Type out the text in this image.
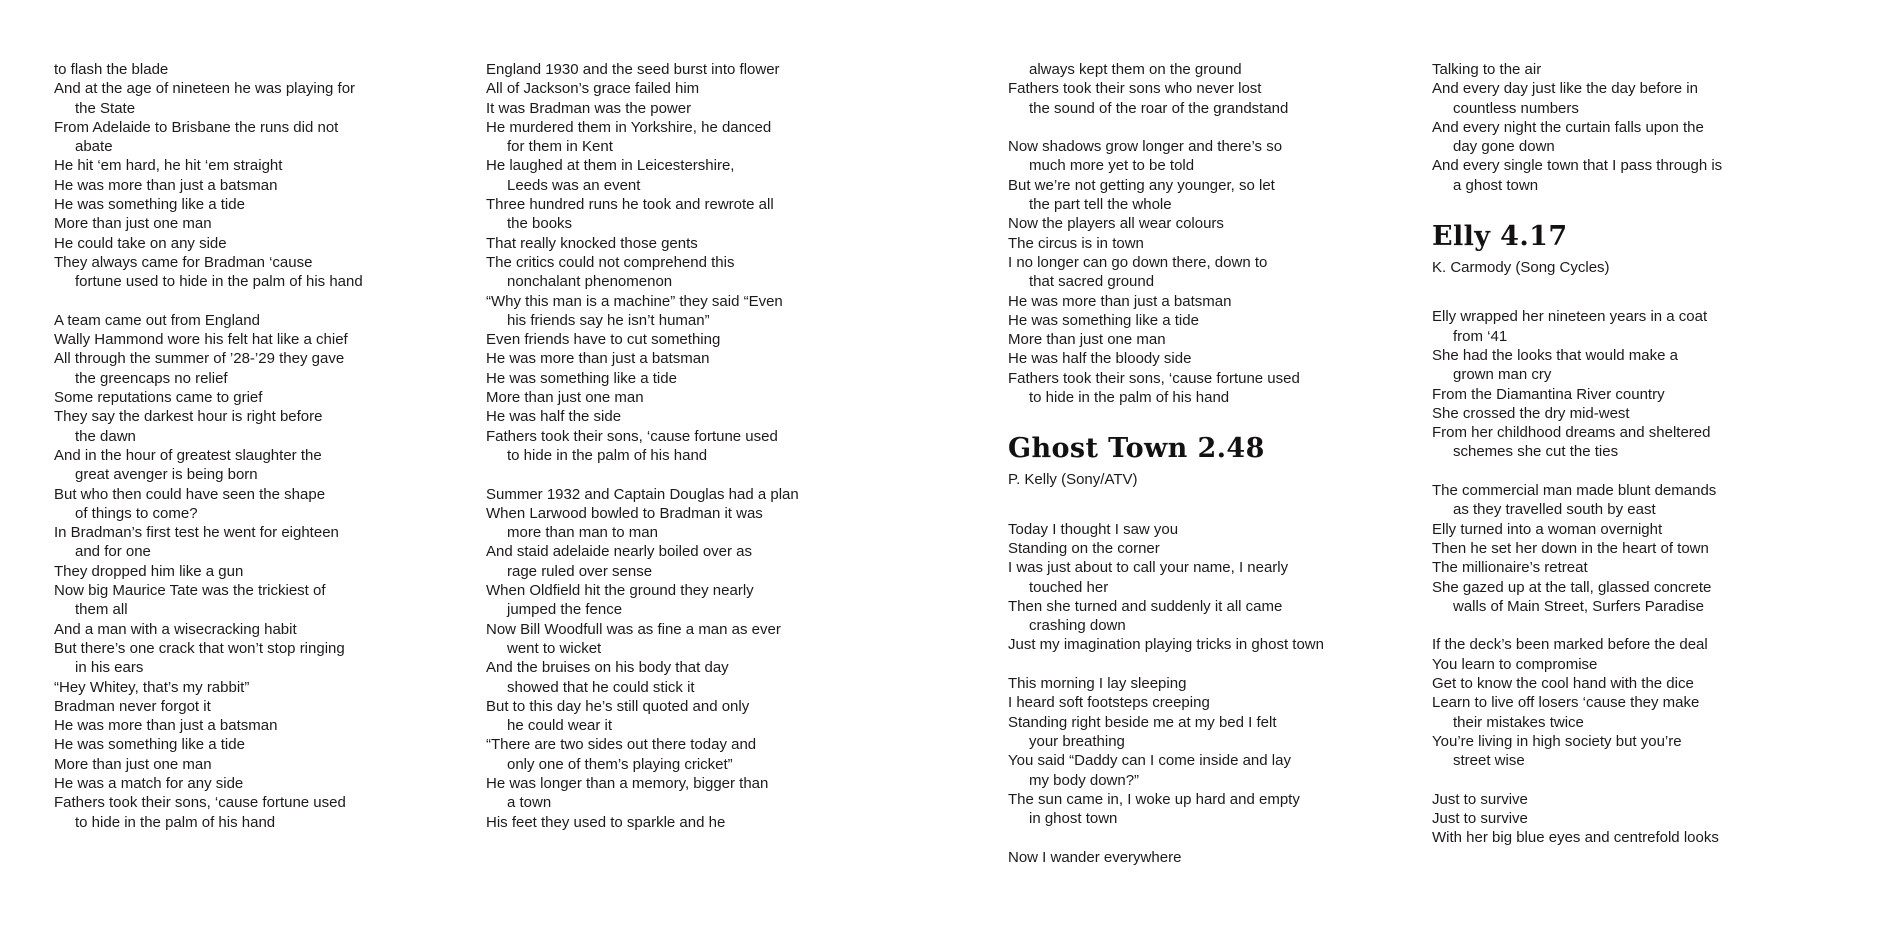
to flash the blade
And at the age of nineteen he was playing for
the State
From Adelaide to Brisbane the runs did not
abate
He hit ‘em hard, he hit ‘em straight
He was more than just a batsman
He was something like a tide
More than just one man
He could take on any side
They always came for Bradman ‘cause
fortune used to hide in the palm of his hand
A team came out from England
Wally Hammond wore his felt hat like a chief
All through the summer of ’28-’29 they gave
the greencaps no relief
Some reputations came to grief
They say the darkest hour is right before
the dawn
And in the hour of greatest slaughter the
great avenger is being born
But who then could have seen the shape
of things to come?
In Bradman’s first test he went for eighteen
and for one
They dropped him like a gun
Now big Maurice Tate was the trickiest of
them all
And a man with a wisecracking habit
But there’s one crack that won’t stop ringing
in his ears
“Hey Whitey, that’s my rabbit”
Bradman never forgot it
He was more than just a batsman
He was something like a tide
More than just one man
He was a match for any side
Fathers took their sons, ‘cause fortune used
to hide in the palm of his hand
England 1930 and the seed burst into flower
All of Jackson’s grace failed him
It was Bradman was the power
He murdered them in Yorkshire, he danced
for them in Kent
He laughed at them in Leicestershire,
Leeds was an event
Three hundred runs he took and rewrote all
the books
That really knocked those gents
The critics could not comprehend this
nonchalant phenomenon
“Why this man is a machine” they said “Even
his friends say he isn’t human”
Even friends have to cut something
He was more than just a batsman
He was something like a tide
More than just one man
He was half the side
Fathers took their sons, ‘cause fortune used
to hide in the palm of his hand
Summer 1932 and Captain Douglas had a plan
When Larwood bowled to Bradman it was
more than man to man
And staid adelaide nearly boiled over as
rage ruled over sense
When Oldfield hit the ground they nearly
jumped the fence
Now Bill Woodfull was as fine a man as ever
went to wicket
And the bruises on his body that day
showed that he could stick it
But to this day he’s still quoted and only
he could wear it
“There are two sides out there today and
only one of them’s playing cricket”
He was longer than a memory, bigger than
a town
His feet they used to sparkle and he
always kept them on the ground
Fathers took their sons who never lost
the sound of the roar of the grandstand
Now shadows grow longer and there’s so
much more yet to be told
But we’re not getting any younger, so let
the part tell the whole
Now the players all wear colours
The circus is in town
I no longer can go down there, down to
that sacred ground
He was more than just a batsman
He was something like a tide
More than just one man
He was half the bloody side
Fathers took their sons, ‘cause fortune used
to hide in the palm of his hand
Ghost Town 2.48
P. Kelly (Sony/ATV)
Today I thought I saw you
Standing on the corner
I was just about to call your name, I nearly
touched her
Then she turned and suddenly it all came
crashing down
Just my imagination playing tricks in ghost town
This morning I lay sleeping
I heard soft footsteps creeping
Standing right beside me at my bed I felt
your breathing
You said “Daddy can I come inside and lay
my body down?”
The sun came in, I woke up hard and empty
in ghost town
Now I wander everywhere
Talking to the air
And every day just like the day before in
countless numbers
And every night the curtain falls upon the
day gone down
And every single town that I pass through is
a ghost town
Elly 4.17
K. Carmody (Song Cycles)
Elly wrapped her nineteen years in a coat
from ‘41
She had the looks that would make a
grown man cry
From the Diamantina River country
She crossed the dry mid-west
From her childhood dreams and sheltered
schemes she cut the ties
The commercial man made blunt demands
as they travelled south by east
Elly turned into a woman overnight
Then he set her down in the heart of town
The millionaire’s retreat
She gazed up at the tall, glassed concrete
walls of Main Street, Surfers Paradise
If the deck’s been marked before the deal
You learn to compromise
Get to know the cool hand with the dice
Learn to live off losers ‘cause they make
their mistakes twice
You’re living in high society but you’re
street wise
Just to survive
Just to survive
With her big blue eyes and centrefold looks
